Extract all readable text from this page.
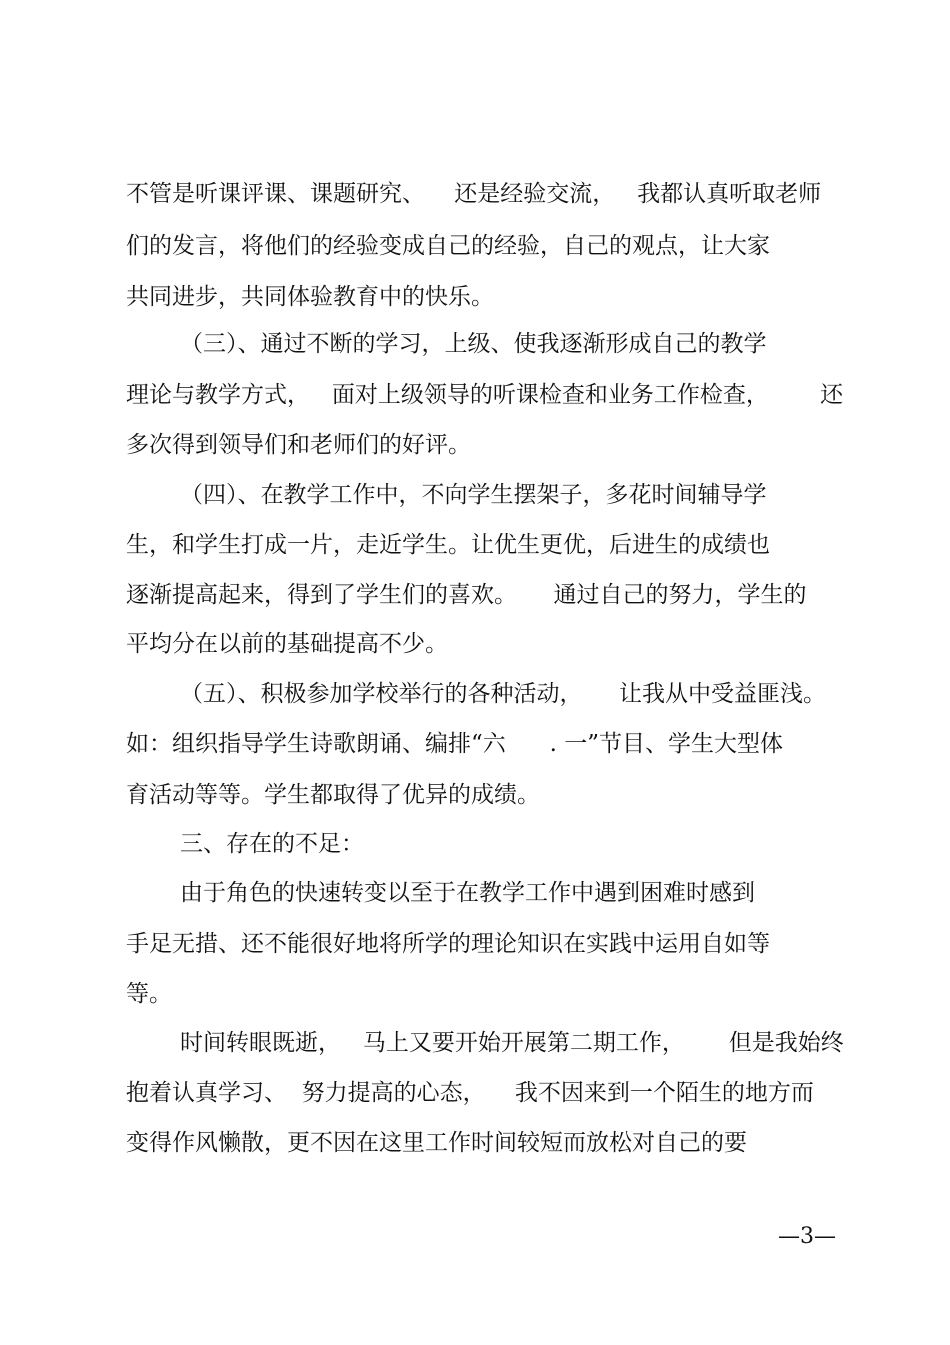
不管是听课评课、课题研究、    还是经验交流，   我都认真听取老师

们的发言，将他们的经验变成自己的经验，自己的观点，让大家

共同进步，共同体验教育中的快乐。

（三）、通过不断的学习，上级、使我逐渐形成自己的教学

理论与教学方式，   面对上级领导的听课检查和业务工作检查，       还

多次得到领导们和老师们的好评。

（四）、在教学工作中，不向学生摆架子，多花时间辅导学

生，和学生打成一片，走近学生。让优生更优，后进生的成绩也

逐渐提高起来，得到了学生们的喜欢。     通过自己的努力，学生的

平均分在以前的基础提高不少。

（五）、积极参加学校举行的各种活动，     让我从中受益匪浅。

如：组织指导学生诗歌朗诵、编排“六      . 一”节目、学生大型体

育活动等等。学生都取得了优异的成绩。

三、存在的不足：

由于角色的快速转变以至于在教学工作中遇到困难时感到

手足无措、还不能很好地将所学的理论知识在实践中运用自如等

等。

时间转眼既逝，   马上又要开始开展第二期工作，      但是我始终

抱着认真学习、  努力提高的心态，    我不因来到一个陌生的地方而

变得作风懒散，更不因在这里工作时间较短而放松对自己的要

—3—
